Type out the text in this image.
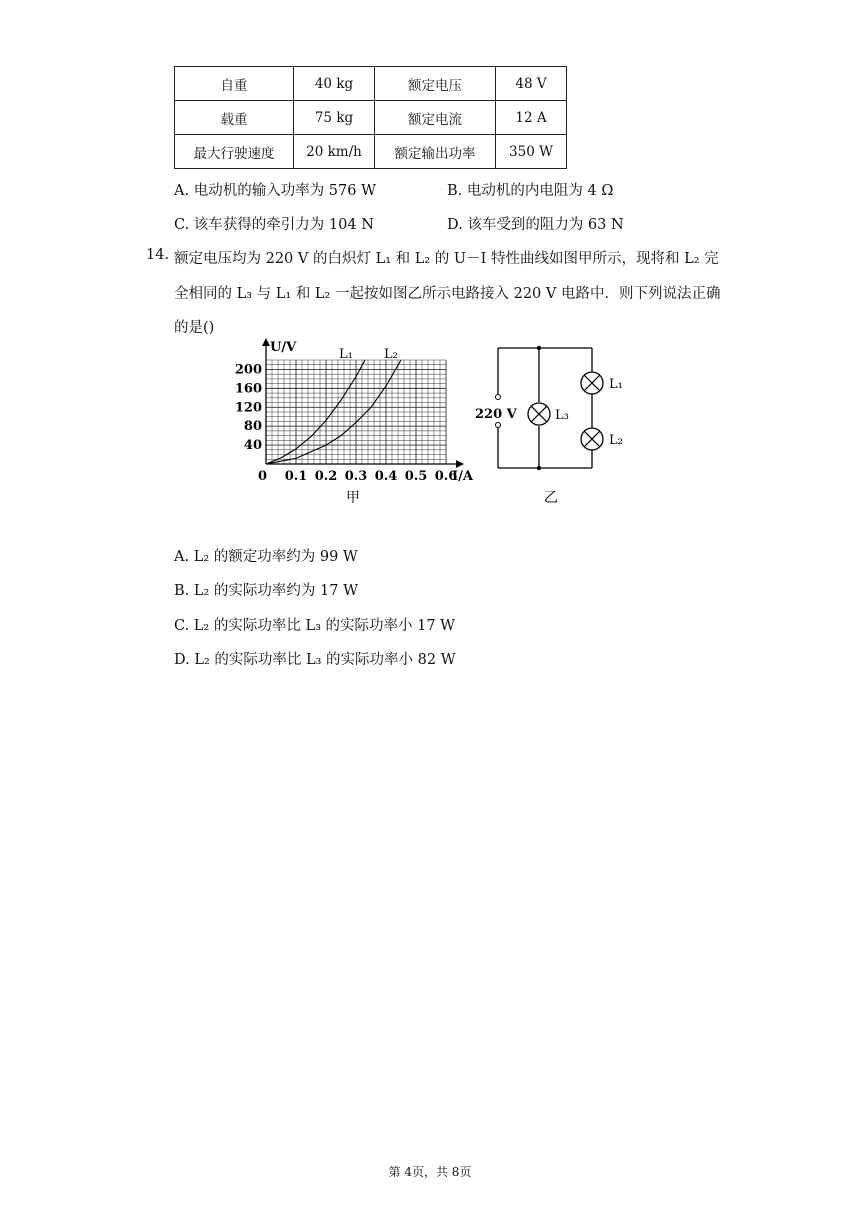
自重	40 kg	额定电压	48 V
载重	75 kg	额定电流	12 A
最大行驶速度	20 km/h	额定输出功率	350 W
A. 电动机的输入功率为 576 W	B. 电动机的内电阻为 4 Ω
C. 该车获得的牵引力为 104 N	D. 该车受到的阻力为 63 N
14. 额定电压均为 220 V 的白炽灯 L₁ 和 L₂ 的 U－I 特性曲线如图甲所示，现将和 L₂ 完
全相同的 L₃ 与 L₁ 和 L₂ 一起按如图乙所示电路接入 220 V 电路中．则下列说法正确
的是()
40
80
120
160
200
0.1 0.2 0.3 0.4 0.5 0.6
U/V
I/A
0
L₁ L₂
甲
220 V
L₁
L₂
L₃
乙
A. L₂ 的额定功率约为 99 W
B. L₂ 的实际功率约为 17 W
C. L₂ 的实际功率比 L₃ 的实际功率小 17 W
D. L₂ 的实际功率比 L₃ 的实际功率小 82 W
第 4页，共 8页
